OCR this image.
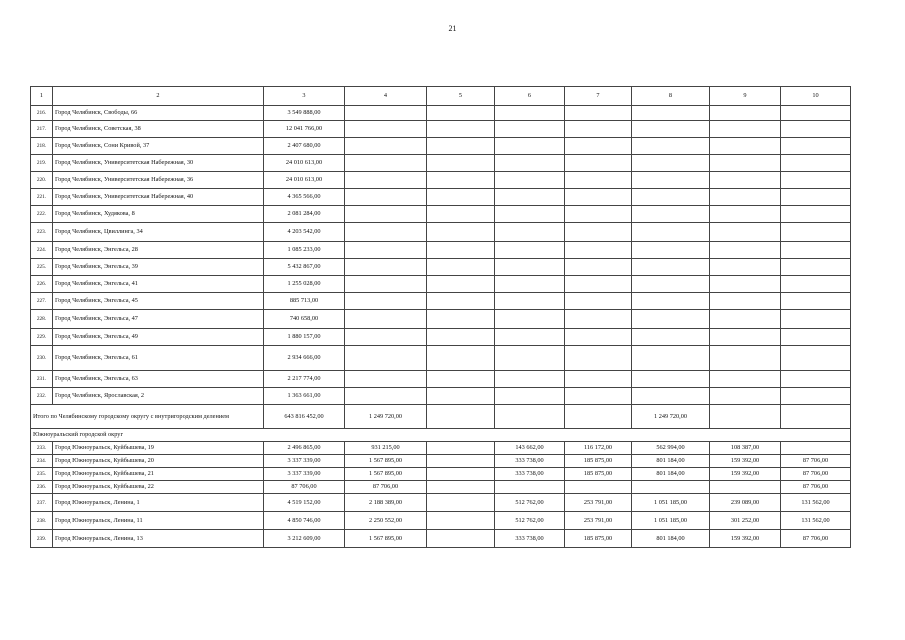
21
1	2	3	4	5	6	7	8	9	10
216.	Город Челябинск, Свободы, 66	3 549 888,00							
217.	Город Челябинск, Советская, 38	12 041 766,00							
218.	Город Челябинск, Сони Кривой, 37	2 407 680,00							
219.	Город Челябинск, Университетская Набережная, 30	24 010 613,00							
220.	Город Челябинск, Университетская Набережная, 36	24 010 613,00							
221.	Город Челябинск, Университетская Набережная, 40	4 365 566,00							
222.	Город Челябинск, Худякова, 8	2 081 284,00							
223.	Город Челябинск, Цвиллинга, 34	4 203 542,00							
224.	Город Челябинск, Энгельса, 28	1 085 233,00							
225.	Город Челябинск, Энгельса, 39	5 432 867,00							
226.	Город Челябинск, Энгельса, 41	1 255 028,00							
227.	Город Челябинск, Энгельса, 45	885 713,00							
228.	Город Челябинск, Энгельса, 47	740 658,00							
229.	Город Челябинск, Энгельса, 49	1 880 157,00							
230.	Город Челябинск, Энгельса, 61	2 934 666,00							
231.	Город Челябинск, Энгельса, 63	2 217 774,00							
232.	Город Челябинск, Ярославская, 2	1 363 661,00							
Итого по Челябинскому городскому округу с внутригородским делением		643 816 452,00	1 249 720,00				1 249 720,00		
Южноуральский городской округ									
233.	Город Южноуральск, Куйбышева, 19	2 496 865,00	931 215,00		143 662,00	116 172,00	562 994,00	108 387,00	
234.	Город Южноуральск, Куйбышева, 20	3 337 339,00	1 567 895,00		333 738,00	185 875,00	801 184,00	159 392,00	87 706,00
235.	Город Южноуральск, Куйбышева, 21	3 337 339,00	1 567 895,00		333 738,00	185 875,00	801 184,00	159 392,00	87 706,00
236.	Город Южноуральск, Куйбышева, 22	87 706,00	87 706,00						87 706,00
237.	Город Южноуральск, Ленина, 1	4 519 152,00	2 188 389,00		512 762,00	253 791,00	1 051 185,00	239 089,00	131 562,00
238.	Город Южноуральск, Ленина, 11	4 850 746,00	2 250 552,00		512 762,00	253 791,00	1 051 185,00	301 252,00	131 562,00
239.	Город Южноуральск, Ленина, 13	3 212 609,00	1 567 895,00		333 738,00	185 875,00	801 184,00	159 392,00	87 706,00
